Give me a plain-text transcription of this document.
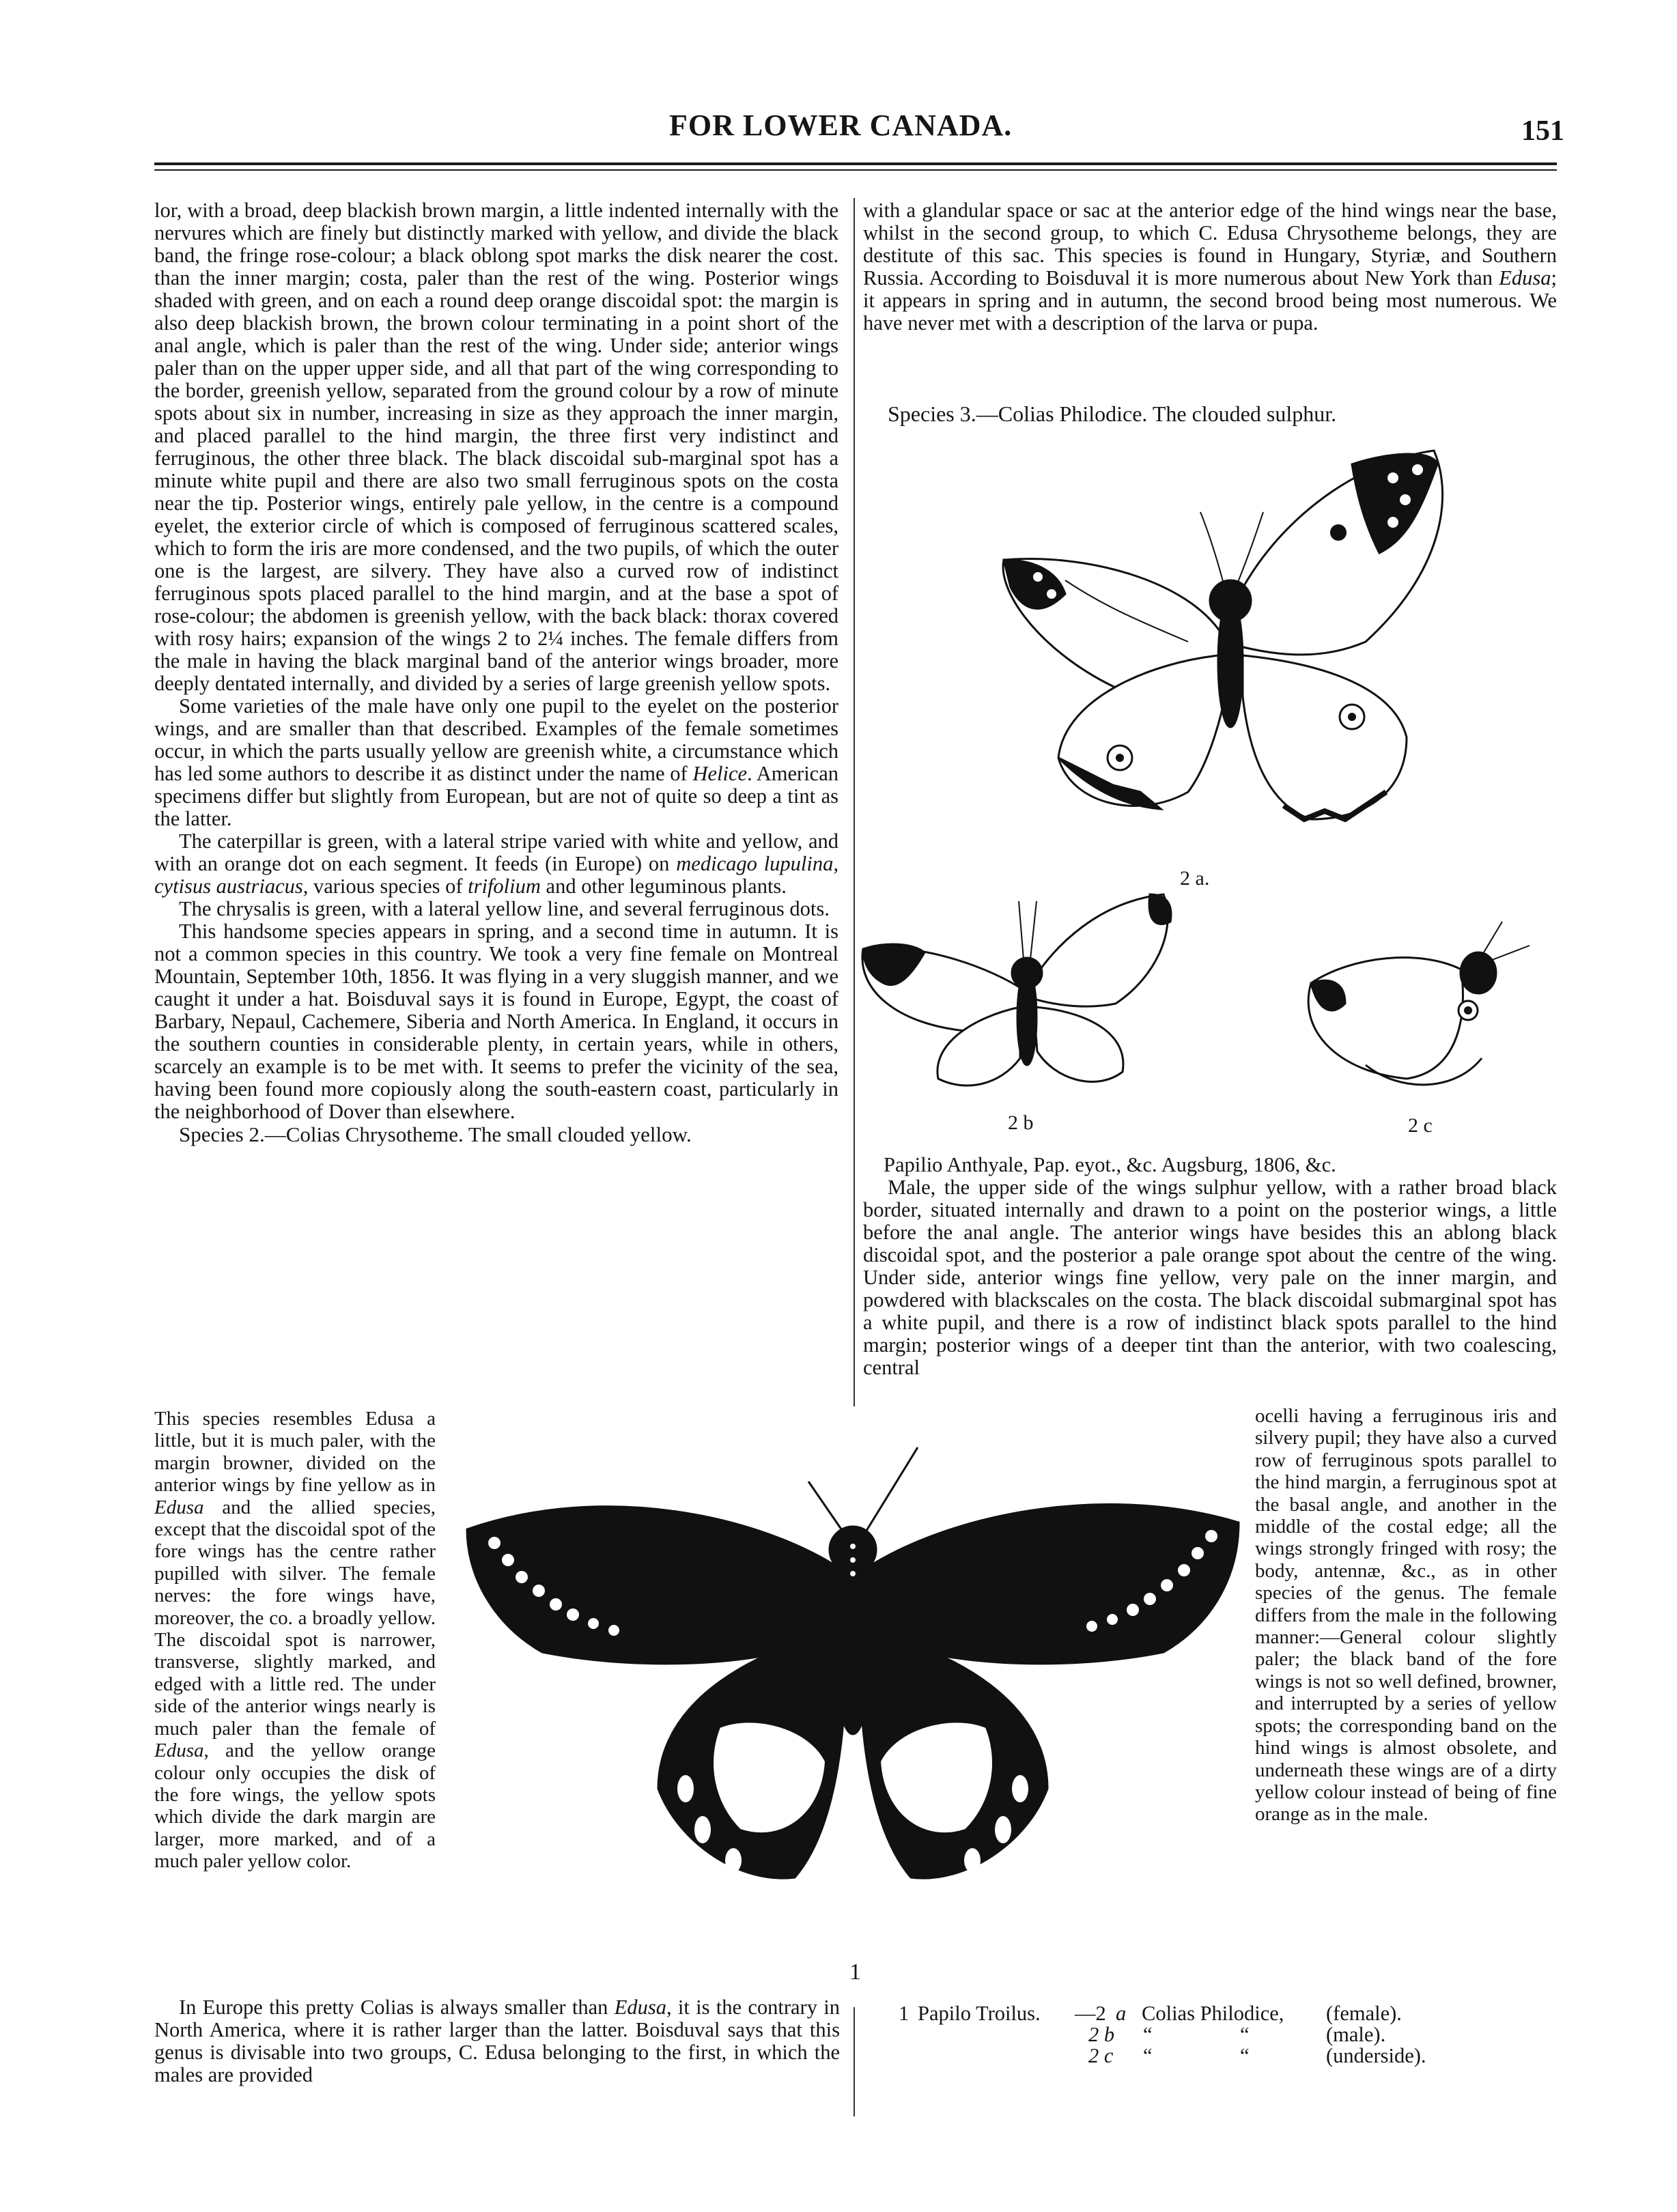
FOR LOWER CANADA.	151

lor, with a broad, deep blackish brown margin, a little indented internally with the nervures which are finely but distinctly marked with yellow, and divide the black band, the fringe rose-colour; a black oblong spot marks the disk nearer the cost. than the inner margin; costa, paler than the rest of the wing. Posterior wings shaded with green, and on each a round deep orange discoidal spot: the margin is also deep blackish brown, the brown colour terminating in a point short of the anal angle, which is paler than the rest of the wing. Under side; anterior wings paler than on the upper upper side, and all that part of the wing corresponding to the border, greenish yellow, separated from the ground colour by a row of minute spots about six in number, increasing in size as they approach the inner margin, and placed parallel to the hind margin, the three first very indistinct and ferruginous, the other three black. The black discoidal sub-marginal spot has a minute white pupil and there are also two small ferruginous spots on the costa near the tip. Posterior wings, entirely pale yellow, in the centre is a compound eyelet, the exterior circle of which is composed of ferruginous scattered scales, which to form the iris are more condensed, and the two pupils, of which the outer one is the largest, are silvery. They have also a curved row of indistinct ferruginous spots placed parallel to the hind margin, and at the base a spot of rose-colour; the abdomen is greenish yellow, with the back black: thorax covered with rosy hairs; expansion of the wings 2 to 2¼ inches. The female differs from the male in having the black marginal band of the anterior wings broader, more deeply dentated internally, and divided by a series of large greenish yellow spots.

Some varieties of the male have only one pupil to the eyelet on the posterior wings, and are smaller than that described. Examples of the female sometimes occur, in which the parts usually yellow are greenish white, a circumstance which has led some authors to describe it as distinct under the name of Helice. American specimens differ but slightly from European, but are not of quite so deep a tint as the latter.

The caterpillar is green, with a lateral stripe varied with white and yellow, and with an orange dot on each segment. It feeds (in Europe) on medicago lupulina, cytisus austriacus, various species of trifolium and other leguminous plants.

The chrysalis is green, with a lateral yellow line, and several ferruginous dots.

This handsome species appears in spring, and a second time in autumn. It is not a common species in this country. We took a very fine female on Montreal Mountain, September 10th, 1856. It was flying in a very sluggish manner, and we caught it under a hat. Boisduval says it is found in Europe, Egypt, the coast of Barbary, Nepaul, Cachemere, Siberia and North America. In England, it occurs in the southern counties in considerable plenty, in certain years, while in others, scarcely an example is to be met with. It seems to prefer the vicinity of the sea, having been found more copiously along the south-eastern coast, particularly in the neighborhood of Dover than elsewhere.

Species 2.—Colias Chrysotheme. The small clouded yellow.

This species resembles Edusa a little, but it is much paler, with the margin browner, divided on the anterior wings by fine yellow as in Edusa and the allied species, except that the discoidal spot of the fore wings has the centre rather pupilled with silver. The female nerves: the fore wings have, moreover, the co. a broadly yellow. The discoidal spot is narrower, transverse, slightly marked, and edged with a little red. The under side of the anterior wings nearly is much paler than the female of Edusa, and the yellow orange colour only occupies the disk of the fore wings, the yellow spots which divide the dark margin are larger, more marked, and of a much paler yellow color.

In Europe this pretty Colias is always smaller than Edusa, it is the contrary in North America, where it is rather larger than the latter. Boisduval says that this genus is divisable into two groups, C. Edusa belonging to the first, in which the males are provided

with a glandular space or sac at the anterior edge of the hind wings near the base, whilst in the second group, to which C. Edusa Chrysotheme belongs, they are destitute of this sac. This species is found in Hungary, Styriæ, and Southern Russia. According to Boisduval it is more numerous about New York than Edusa; it appears in spring and in autumn, the second brood being most numerous. We have never met with a description of the larva or pupa.

Species 3.—Colias Philodice. The clouded sulphur.

Papilio Anthyale, Pap. eyot., &c. Augsburg, 1806, &c.

Male, the upper side of the wings sulphur yellow, with a rather broad black border, situated internally and drawn to a point on the posterior wings, a little before the anal angle. The anterior wings have besides this an ablong black discoidal spot, and the posterior a pale orange spot about the centre of the wing. Under side, anterior wings fine yellow, very pale on the inner margin, and powdered with blackscales on the costa. The black discoidal submarginal spot has a white pupil, and there is a row of indistinct black spots parallel to the hind margin; posterior wings of a deeper tint than the anterior, with two coalescing, central

ocelli having a ferruginous iris and silvery pupil; they have also a curved row of ferruginous spots parallel to the hind margin, a ferruginous spot at the basal angle, and another in the middle of the costal edge; all the wings strongly fringed with rosy; the body, antennæ, &c., as in other species of the genus. The female differs from the male in the following manner:—General colour slightly paler; the black band of the fore wings is not so well defined, browner, and interrupted by a series of yellow spots; the corresponding band on the hind wings is almost obsolete, and underneath these wings are of a dirty yellow colour instead of being of fine orange as in the male.

2 a.
2 b	2 c
1
1 Papilo Troilus. —2 a Colias Philodice, (female).
2 b “	“	(male).
2 c “	“	(underside).
